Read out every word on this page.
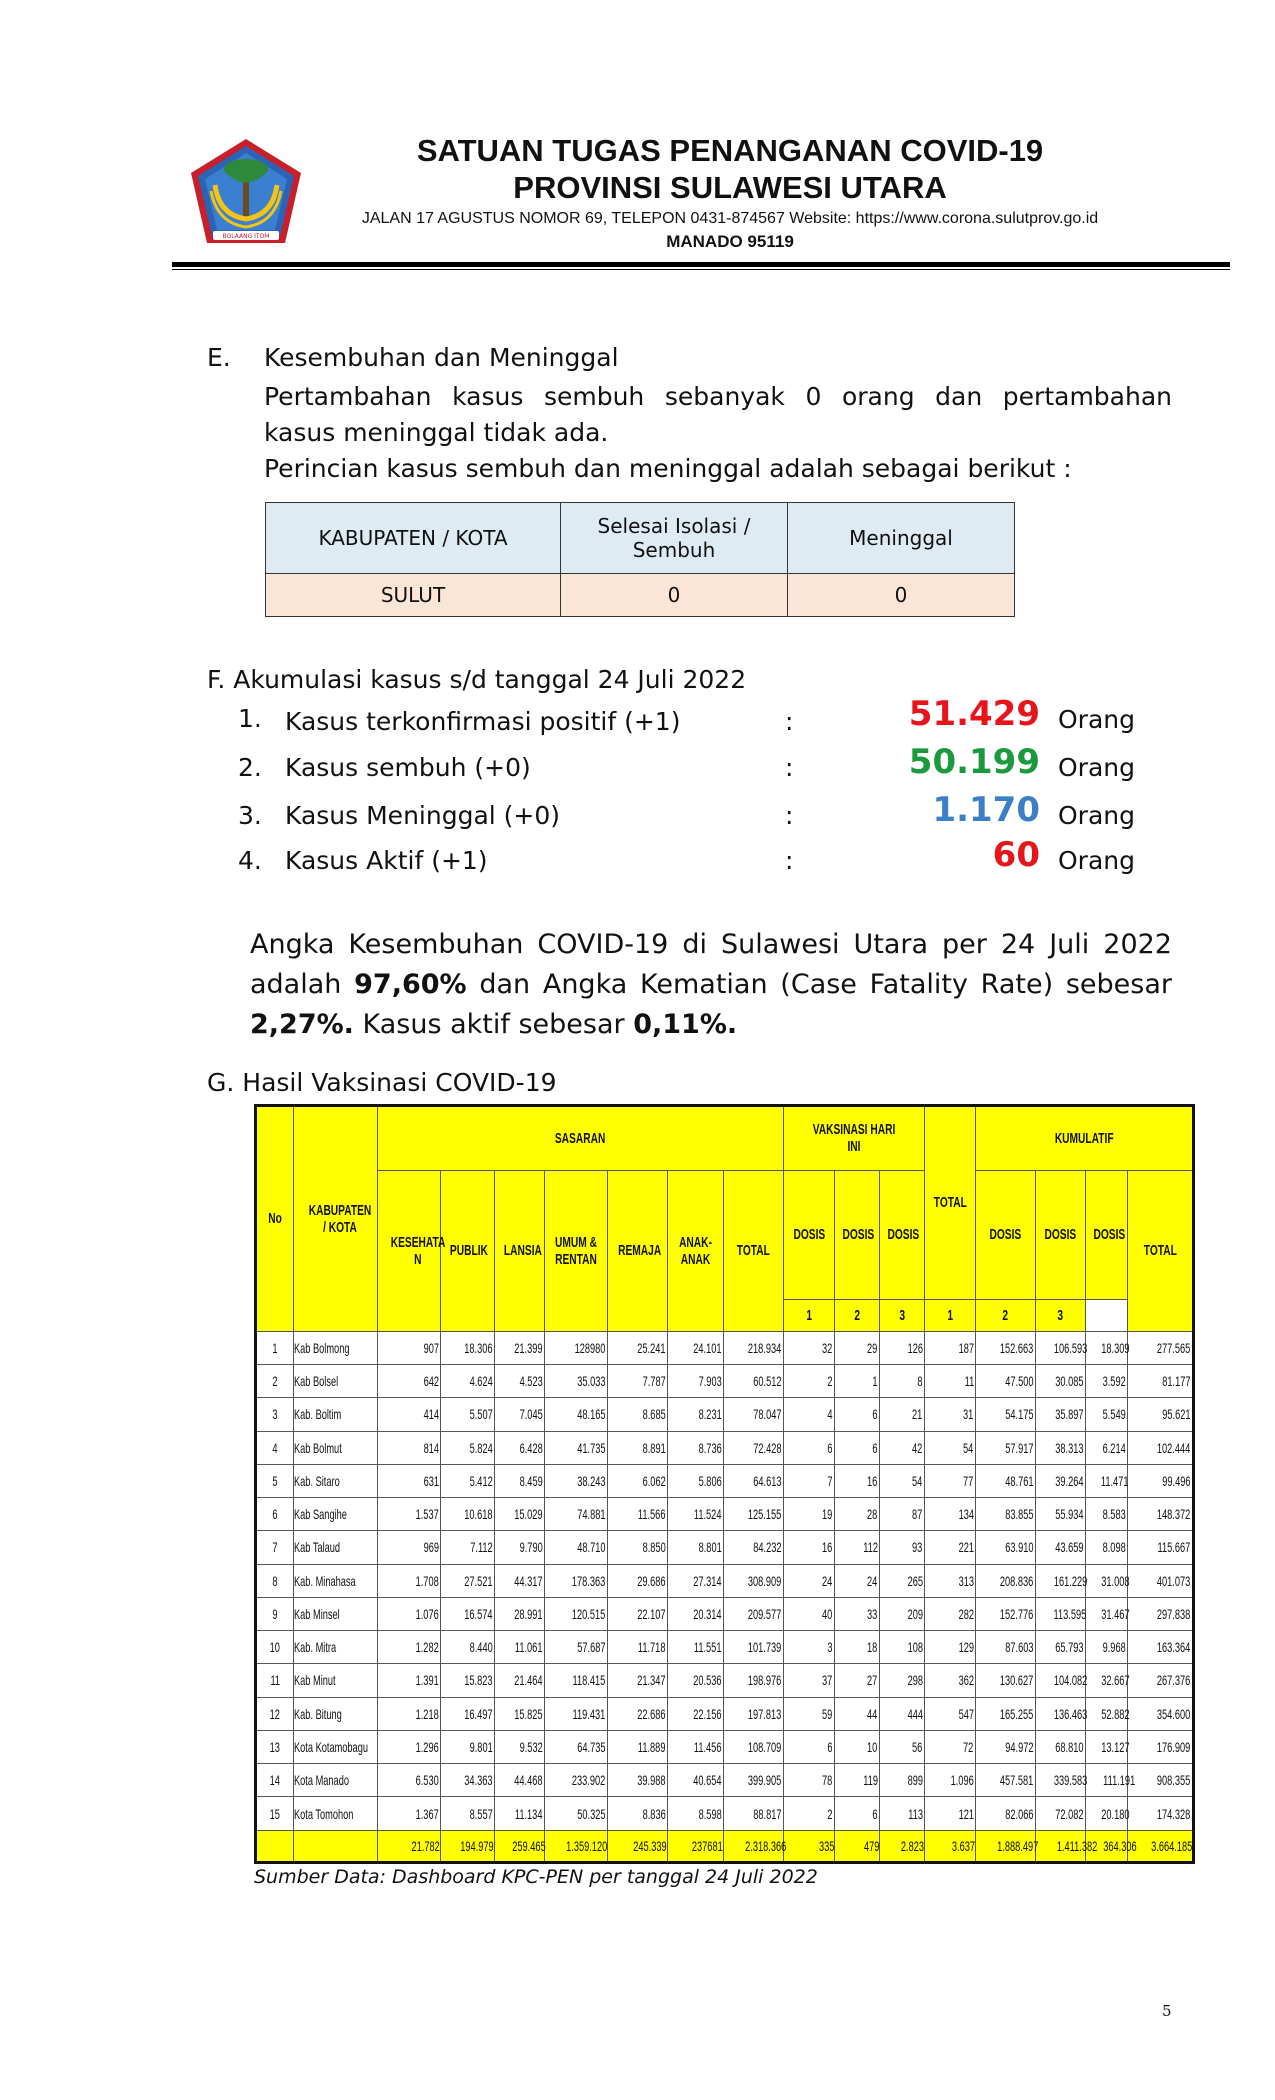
BOLAANG ITOM
SATUAN TUGAS PENANGANAN COVID-19
PROVINSI SULAWESI UTARA
JALAN 17 AGUSTUS NOMOR 69, TELEPON 0431-874567 Website: https://www.corona.sulutprov.go.id
MANADO 95119
E. Kesembuhan dan Meninggal
Pertambahan kasus sembuh sebanyak 0 orang dan pertambahan
kasus meninggal tidak ada.
Perincian kasus sembuh dan meninggal adalah sebagai berikut :
KABUPATEN / KOTA	Selesai Isolasi / Sembuh	Meninggal
SULUT	0	0
F. Akumulasi kasus s/d tanggal 24 Juli 2022
1. Kasus terkonfirmasi positif (+1)	:	51.429 Orang
2. Kasus sembuh (+0)	:	50.199 Orang
3. Kasus Meninggal (+0)	:	1.170 Orang
4. Kasus Aktif (+1)	:	60 Orang
Angka Kesembuhan COVID-19 di Sulawesi Utara per 24 Juli 2022 adalah 97,60% dan Angka Kematian (Case Fatality Rate) sebesar 2,27%. Kasus aktif sebesar 0,11%.
G. Hasil Vaksinasi COVID-19
No	KABUPATEN / KOTA	SASARAN							VAKSINASI HARI INI			TOTAL	KUMULATIF			
		KESEHATA N	PUBLIK	LANSIA	UMUM & RENTAN	REMAJA	ANAK-ANAK	TOTAL	DOSIS	DOSIS	DOSIS		DOSIS	DOSIS	DOSIS	TOTAL
									1	2	3	1	2	3		
1	Kab Bolmong	907	18.306	21.399	128980	25.241	24.101	218.934	32	29	126	187	152.663	106.593	18.309	277.565
2	Kab Bolsel	642	4.624	4.523	35.033	7.787	7.903	60.512	2	1	8	11	47.500	30.085	3.592	81.177
3	Kab. Boltim	414	5.507	7.045	48.165	8.685	8.231	78.047	4	6	21	31	54.175	35.897	5.549	95.621
4	Kab Bolmut	814	5.824	6.428	41.735	8.891	8.736	72.428	6	6	42	54	57.917	38.313	6.214	102.444
5	Kab. Sitaro	631	5.412	8.459	38.243	6.062	5.806	64.613	7	16	54	77	48.761	39.264	11.471	99.496
6	Kab Sangihe	1.537	10.618	15.029	74.881	11.566	11.524	125.155	19	28	87	134	83.855	55.934	8.583	148.372
7	Kab Talaud	969	7.112	9.790	48.710	8.850	8.801	84.232	16	112	93	221	63.910	43.659	8.098	115.667
8	Kab. Minahasa	1.708	27.521	44.317	178.363	29.686	27.314	308.909	24	24	265	313	208.836	161.229	31.008	401.073
9	Kab Minsel	1.076	16.574	28.991	120.515	22.107	20.314	209.577	40	33	209	282	152.776	113.595	31.467	297.838
10	Kab. Mitra	1.282	8.440	11.061	57.687	11.718	11.551	101.739	3	18	108	129	87.603	65.793	9.968	163.364
11	Kab Minut	1.391	15.823	21.464	118.415	21.347	20.536	198.976	37	27	298	362	130.627	104.082	32.667	267.376
12	Kab. Bitung	1.218	16.497	15.825	119.431	22.686	22.156	197.813	59	44	444	547	165.255	136.463	52.882	354.600
13	Kota Kotamobagu	1.296	9.801	9.532	64.735	11.889	11.456	108.709	6	10	56	72	94.972	68.810	13.127	176.909
14	Kota Manado	6.530	34.363	44.468	233.902	39.988	40.654	399.905	78	119	899	1.096	457.581	339.583	111.191	908.355
15	Kota Tomohon	1.367	8.557	11.134	50.325	8.836	8.598	88.817	2	6	113	121	82.066	72.082	20.180	174.328
		21.782	194.979	259.465	1.359.120	245.339	237681	2.318.366	335	479	2.823	3.637	1.888.497	1.411.382	364.306	3.664.185
Sumber Data: Dashboard KPC-PEN per tanggal 24 Juli 2022
5
